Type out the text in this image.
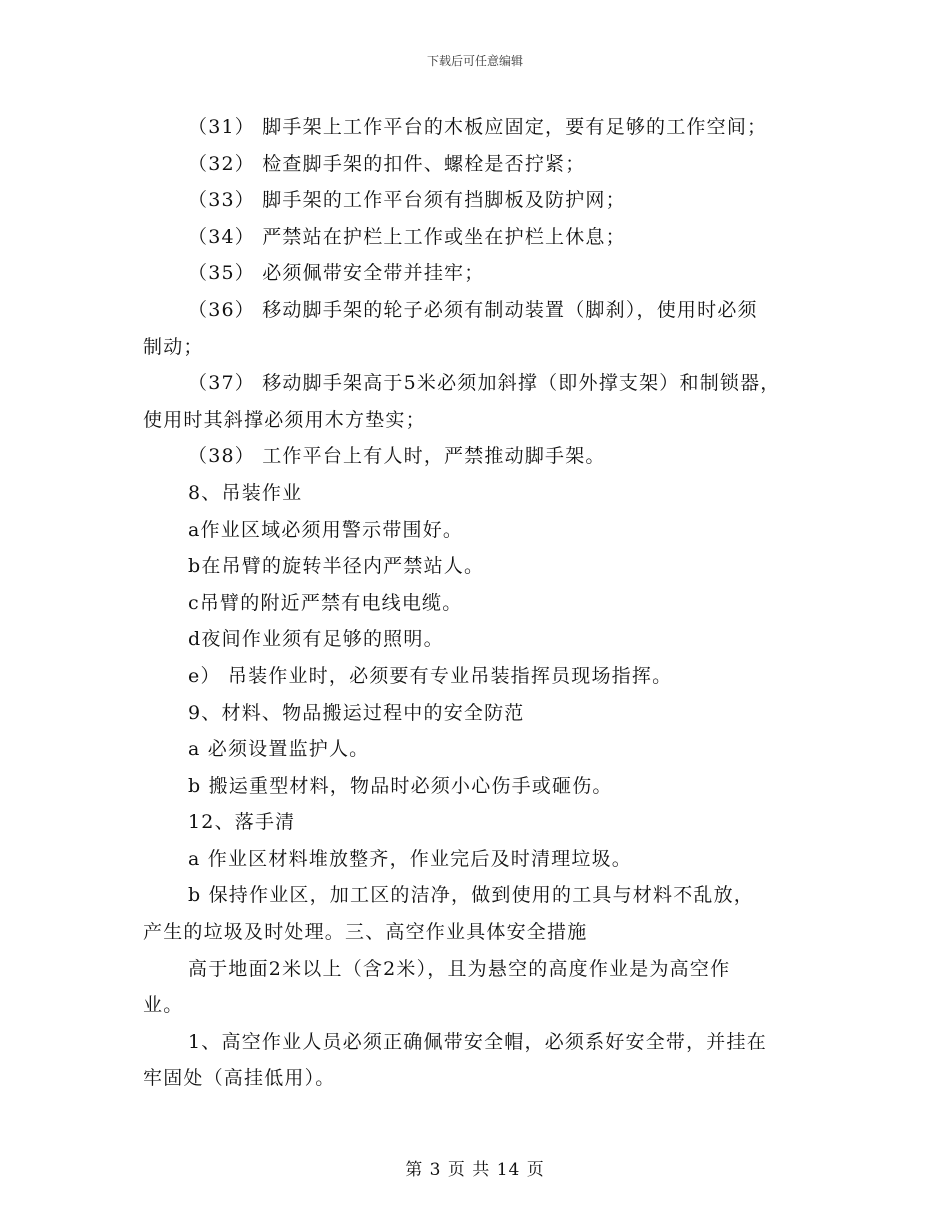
下载后可任意编辑
（31） 脚手架上工作平台的木板应固定，要有足够的工作空间；
（32） 检查脚手架的扣件、螺栓是否拧紧；
（33） 脚手架的工作平台须有挡脚板及防护网；
（34） 严禁站在护栏上工作或坐在护栏上休息；
（35） 必须佩带安全带并挂牢；
（36） 移动脚手架的轮子必须有制动装置（脚刹），使用时必须
制动；
（37） 移动脚手架高于5米必须加斜撑（即外撑支架）和制锁器，
使用时其斜撑必须用木方垫实；
（38） 工作平台上有人时，严禁推动脚手架。
8、吊装作业
a作业区域必须用警示带围好。
b在吊臂的旋转半径内严禁站人。
c吊臂的附近严禁有电线电缆。
d夜间作业须有足够的照明。
e） 吊装作业时，必须要有专业吊装指挥员现场指挥。
9、材料、物品搬运过程中的安全防范
a 必须设置监护人。
b 搬运重型材料，物品时必须小心伤手或砸伤。
12、落手清
a 作业区材料堆放整齐，作业完后及时清理垃圾。
b 保持作业区，加工区的洁净，做到使用的工具与材料不乱放，
产生的垃圾及时处理。三、高空作业具体安全措施
高于地面2米以上（含2米），且为悬空的高度作业是为高空作
业。
1、高空作业人员必须正确佩带安全帽，必须系好安全带，并挂在
牢固处（高挂低用）。
第 3 页 共 14 页
